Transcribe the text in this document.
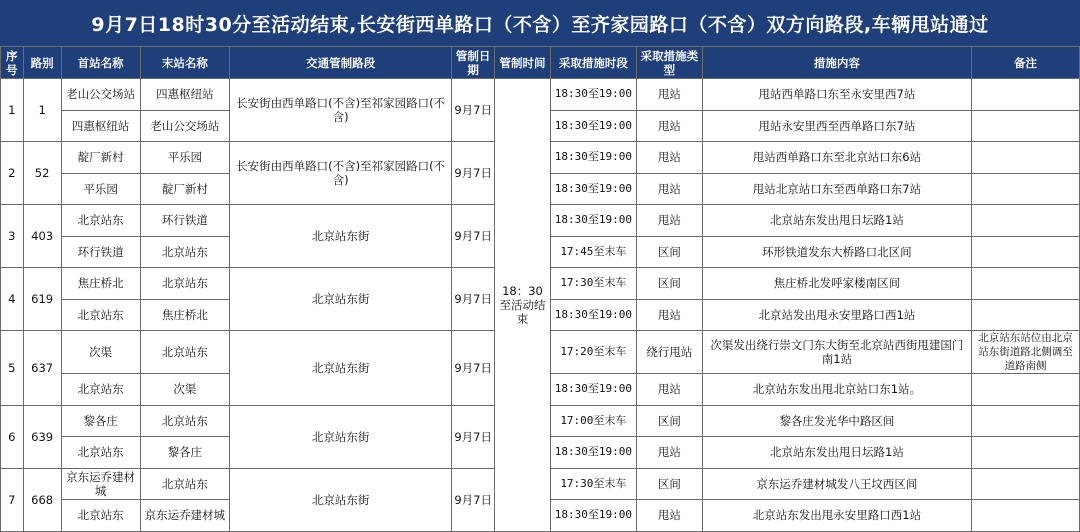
9月7日18时30分至活动结束,长安街西单路口（不含）至齐家园路口（不含）双方向路段,车辆甩站通过
序号	路别	首站名称	末站名称	交通管制路段	管制日期	管制时间	采取措施时段	采取措施类型	措施内容	备注
1	1	老山公交场站	四惠枢纽站	长安街由西单路口(不含)至祁家园路口(不含)	9月7日	18：30至活动结束	18:30至19:00	甩站	甩站西单路口东至永安里西7站	
		四惠枢纽站	老山公交场站				18:30至19:00	甩站	甩站永安里西至西单路口东7站	
2	52	靛厂新村	平乐园	长安街由西单路口(不含)至祁家园路口(不含)	9月7日		18:30至19:00	甩站	甩站西单路口东至北京站口东6站	
		平乐园	靛厂新村				18:30至19:00	甩站	甩站北京站口东至西单路口东7站	
3	403	北京站东	环行铁道	北京站东街	9月7日		18:30至19:00	甩站	北京站东发出甩日坛路1站	
		环行铁道	北京站东				17:45至末车	区间	环形铁道发东大桥路口北区间	
4	619	焦庄桥北	北京站东	北京站东街	9月7日		17:30至末车	区间	焦庄桥北发呼家楼南区间	
		北京站东	焦庄桥北				18:30至19:00	甩站	北京站发出甩永安里路口西1站	
5	637	次渠	北京站东	北京站东街	9月7日		17:20至末车	绕行甩站	次渠发出绕行崇文门东大街至北京站西街甩建国门南1站	北京站东站位由北京站东街道路北侧调至道路南侧
		北京站东	次渠				18:30至19:00	甩站	北京站东发出甩北京站口东1站。	
6	639	黎各庄	北京站东	北京站东街	9月7日		17:00至末车	区间	黎各庄发光华中路区间	
		北京站东	黎各庄				18:30至19:00	甩站	北京站东发出甩日坛路1站	
7	668	京东运乔建材城	北京站东	北京站东街	9月7日		17:30至末车	区间	京东运乔建材城发八王坟西区间	
		北京站东	京东运乔建材城				18:30至19:00	甩站	北京站东发出甩永安里路口西1站	
